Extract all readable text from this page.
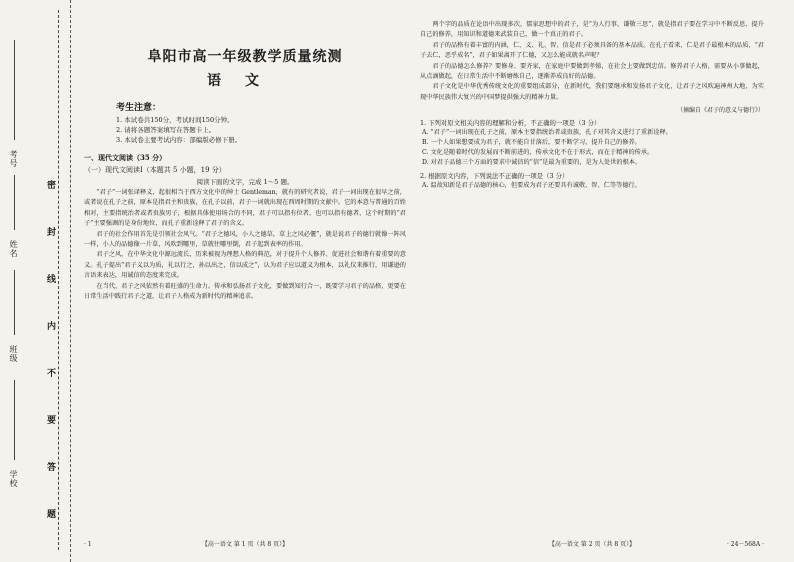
考号
姓名
班级
学校	密封线内不要答题
阜阳市高一年级教学质量统测
语文
考生注意：
1. 本试卷共150分，考试时间150分钟。
2. 请将各题答案填写在答题卡上。
3. 本试卷主要考试内容：部编版必修下册。
一、现代文阅读（35 分）
（一）现代文阅读Ⅰ（本题共 5 小题，19 分）
阅读下面的文字，完成 1～5 题。

“君子”一词张译释义，起很相当于西方文化中的绅士 Gentleman，就有的研究者说，君子一词出现在很早之前，或者说在孔子之前，原本是指君主和贵族，在孔子以前，君子一词就出现在西周时期的文献中。它的本意与普通的百姓相对，主要指统治者或者贵族男子，根据具体使用场合的不同，君子可以指有位者，也可以指有德者，这个时期的“君子”主要强调的是身份地位，而孔子重新诠释了君子的含义。

君子的社会作用首先是引领社会风气。“君子之德风，小人之德草，草上之风必偃”，就是说君子的德行就像一阵风一样，小人的品德像一片草，风吹到哪里，草就往哪里倒，君子起到表率的作用。

君子之风，在中华文化中源远流长，历来被视为理想人格的典范，对于提升个人修养、促进社会和谐有着重要的意义。孔子提出“君子义以为质，礼以行之，孙以出之，信以成之”，认为君子应以道义为根本，以礼仪来推行，用谦逊的言语来表达，用诚信的态度来完成。

在当代，君子之风依然有着旺盛的生命力。传承和弘扬君子文化，要做到知行合一，既要学习君子的品格，更要在日常生活中践行君子之道，让君子人格成为新时代的精神追求。

两个字的品质在论语中出现多次，儒家思想中的君子，是“为人行事，谦敬三思”，就是指君子要在学习中不断反思，提升自己的修养，用知识和道德来武装自己，做一个真正的君子。

君子的品格有着丰富的内涵，仁、义、礼、智、信是君子必须具备的基本品质。在孔子看来，仁是君子最根本的品质，“君子去仁，恶乎成名”，君子如果离开了仁德，又怎么能成就名声呢？

君子的品德怎么修养？要修身、要齐家，在家庭中要做到孝悌，在社会上要做到忠信。修养君子人格，需要从小事做起，从点滴做起，在日常生活中不断磨炼自己，逐渐养成良好的品德。

君子文化是中华优秀传统文化的重要组成部分，在新时代，我们要继承和发扬君子文化，让君子之风吹遍神州大地，为实现中华民族伟大复兴的中国梦提供强大的精神力量。

（摘编自《君子的意义与德行》）
1. 下列对原文相关内容的理解和分析，不正确的一项是（3 分）
A. “君子”一词出现在孔子之前，原本主要指统治者或贵族，孔子对其含义进行了重新诠释。
B. 一个人如果想要成为君子，就不能自甘落后，要不断学习，提升自己的修养。
C. 文化是随着时代的发展而不断前进的，传承文化不在于形式，而在于精神的传承。
D. 对君子品德三个方面的要求中诚信的“信”是最为重要的，是为人处世的根本。
2. 根据原文内容，下列说法不正确的一项是（3 分）
A. 温故知新是君子品德的核心，但要成为君子还要具有诚敬、智、仁等等德行。
· 1	【高一语文 第 1 页（共 8 页）】	【高一语文 第 2 页（共 8 页）】	· 24－568A ·
